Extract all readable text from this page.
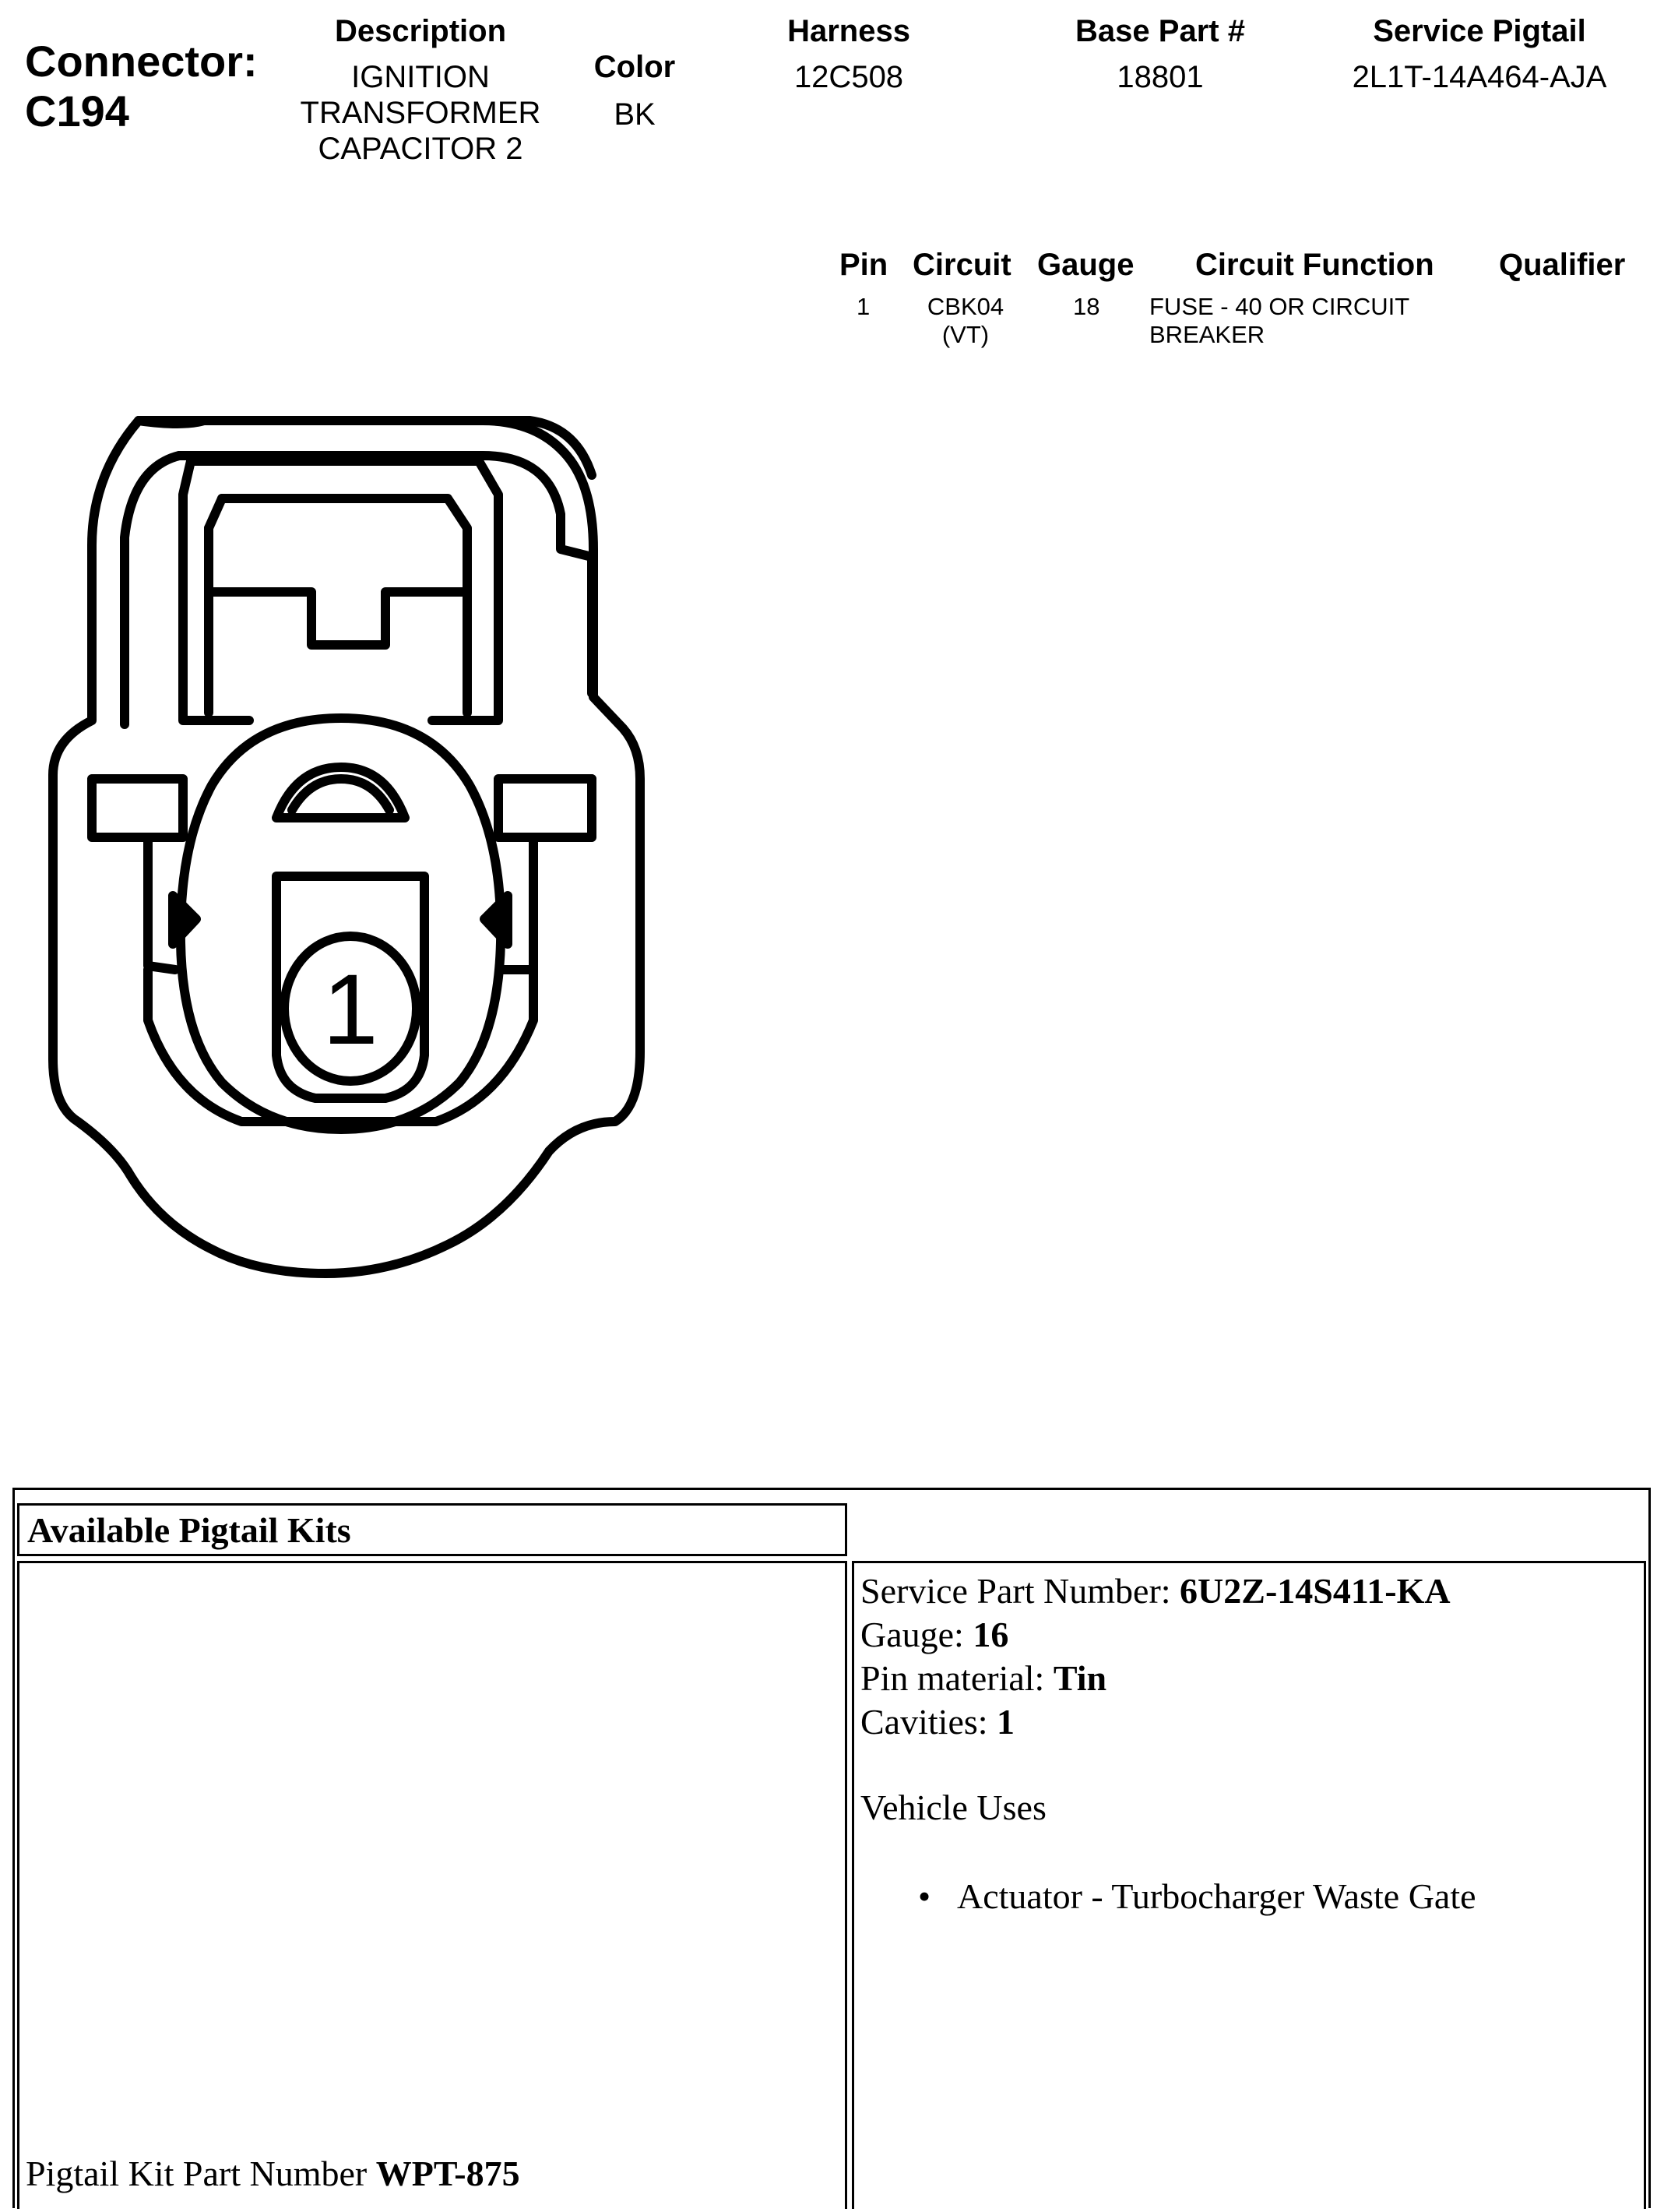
Connector:
C194
Description
IGNITION
TRANSFORMER
CAPACITOR 2
Color
BK
Harness
12C508
Base Part #
18801
Service Pigtail
2L1T-14A464-AJA
Pin Circuit Gauge Circuit Function Qualifier
1	CBK04
(VT)
18 FUSE - 40 OR CIRCUIT
BREAKER
1
Available Pigtail Kits
Pigtail Kit Part Number WPT-875
Service Part Number: 6U2Z-14S411-KA
Gauge: 16
Pin material: Tin
Cavities: 1
Vehicle Uses
• Actuator - Turbocharger Waste Gate
